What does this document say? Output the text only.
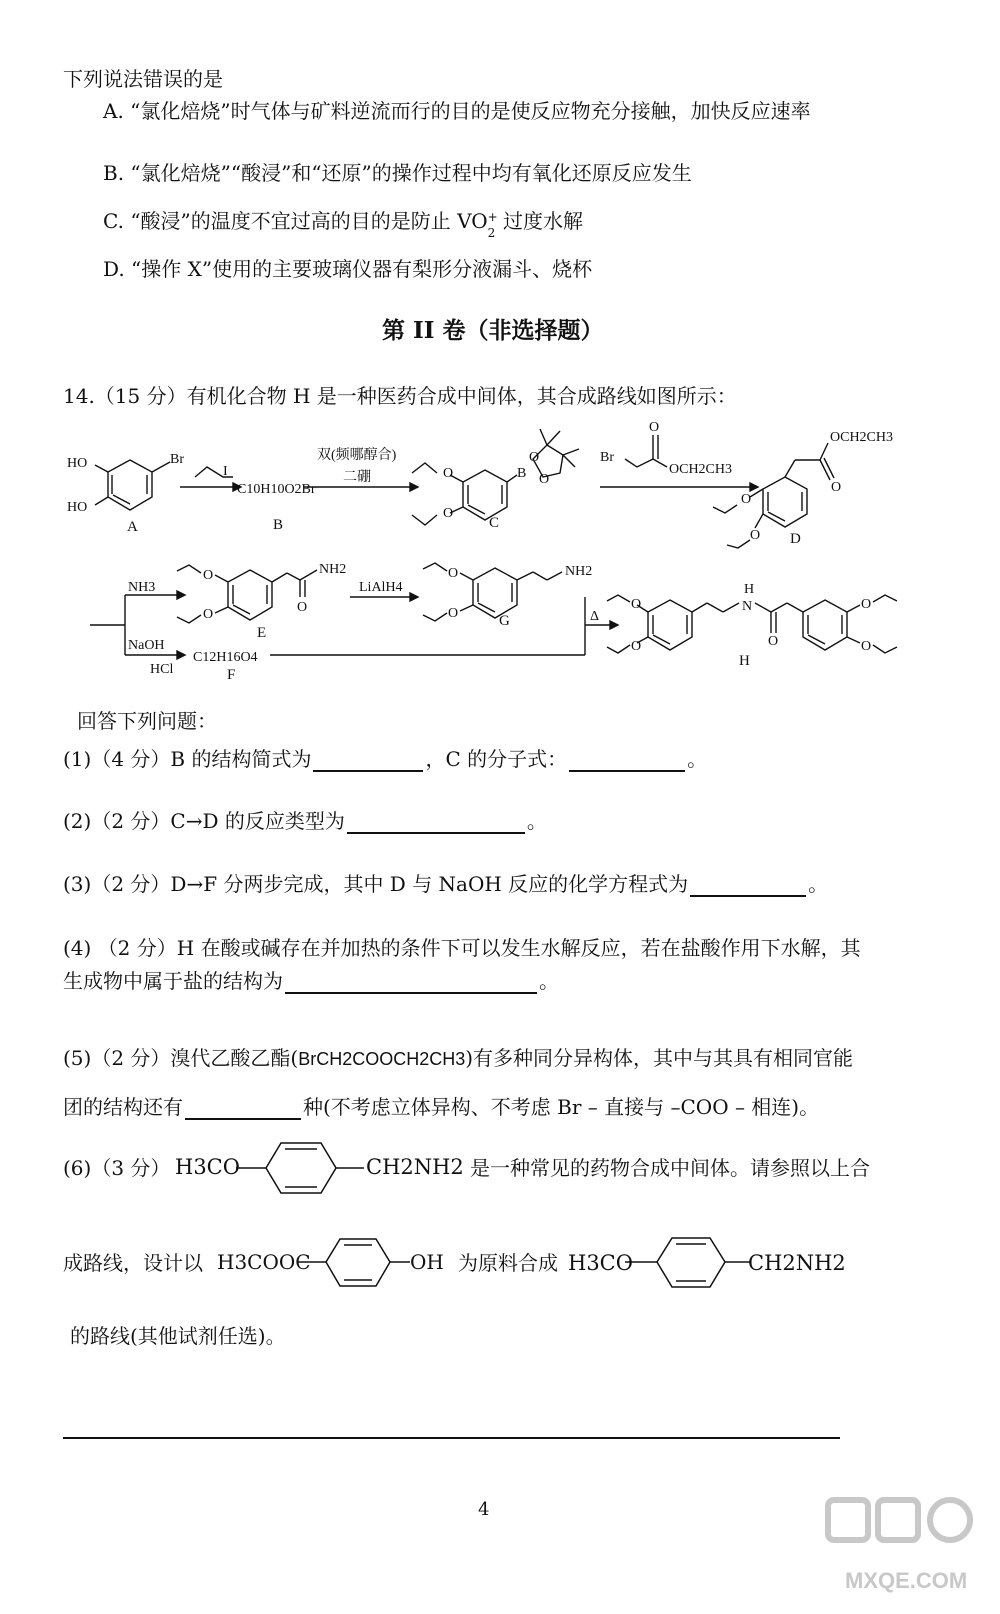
下列说法错误的是
A. “氯化焙烧”时气体与矿料逆流而行的目的是使反应物充分接触，加快反应速率
B. “氯化焙烧”“酸浸”和“还原”的操作过程中均有氧化还原反应发生
C. “酸浸”的温度不宜过高的目的是防止 VO +
2 过度水解
D. “操作 X”使用的主要玻璃仪器有梨形分液漏斗、烧杯
第 II 卷（非选择题）
14.（15 分）有机化合物 H 是一种医药合成中间体，其合成路线如图所示：
HO
HO
Br
A
I
C10H10O2Br
B
双(频哪醇合)
二硼	O
O
B
O
O
C
Br
O
OCH2CH3
OCH2CH3
O
O
O D
NH3
NaOH
HCl
O
O
NH2
O
E
LiAlH4
O
O
NH2
G
C12H16O4
F
Δ
O
O
H
N
O
O
O
H
回答下列问题：
(1)（4 分）B 的结构简式为	，C 的分子式：	。
(2)（2 分）C→D 的反应类型为	。
(3)（2 分）D→F 分两步完成，其中 D 与 NaOH 反应的化学方程式为	。
(4) （2 分）H 在酸或碱存在并加热的条件下可以发生水解反应，若在盐酸作用下水解，其
生成物中属于盐的结构为	。
(5)（2 分）溴代乙酸乙酯(BrCH2COOCH2CH3)有多种同分异构体，其中与其具有相同官能
团的结构还有	种(不考虑立体异构、不考虑 Br – 直接与 –COO – 相连)。
(6)（3 分） H3CO	CH2NH2 是一种常见的药物合成中间体。请参照以上合
成路线，设计以 H3COOC	OH 为原料合成 H3CO	CH2NH2
的路线(其他试剂任选)。
4
MXQE.COM
